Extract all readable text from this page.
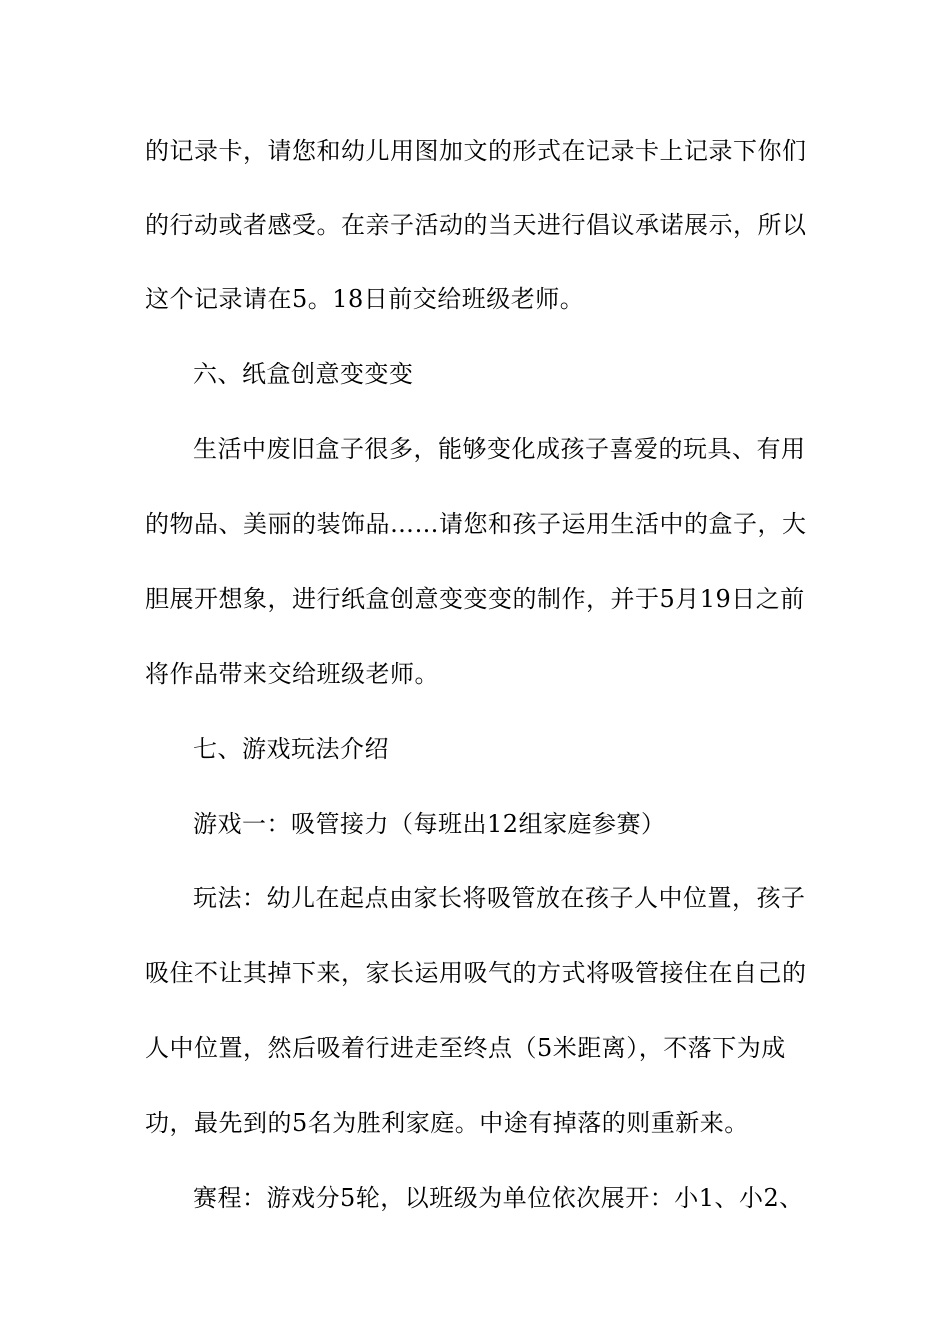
的记录卡，请您和幼儿用图加文的形式在记录卡上记录下你们
的行动或者感受。在亲子活动的当天进行倡议承诺展示，所以
这个记录请在5。18日前交给班级老师。
六、纸盒创意变变变
生活中废旧盒子很多，能够变化成孩子喜爱的玩具、有用
的物品、美丽的装饰品……请您和孩子运用生活中的盒子，大
胆展开想象，进行纸盒创意变变变的制作，并于5月19日之前
将作品带来交给班级老师。
七、游戏玩法介绍
游戏一：吸管接力（每班出12组家庭参赛）
玩法：幼儿在起点由家长将吸管放在孩子人中位置，孩子
吸住不让其掉下来，家长运用吸气的方式将吸管接住在自己的
人中位置，然后吸着行进走至终点（5米距离），不落下为成
功，最先到的5名为胜利家庭。中途有掉落的则重新来。
赛程：游戏分5轮，以班级为单位依次展开：小1、小2、
